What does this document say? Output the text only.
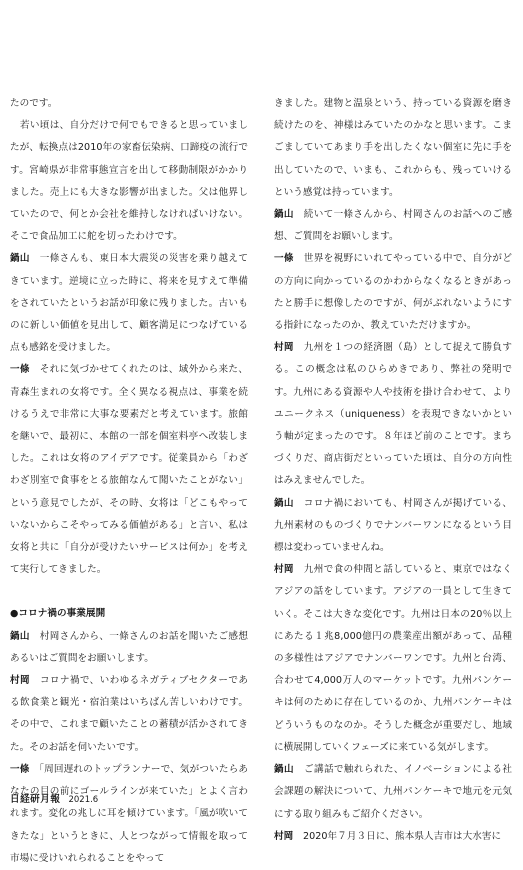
たのです。
　若い頃は、自分だけで何でもできると思っていましたが、転換点は2010年の家畜伝染病、口蹄疫の流行です。宮崎県が非常事態宣言を出して移動制限がかかりました。売上にも大きな影響が出ました。父は他界していたので、何とか会社を維持しなければいけない。そこで食品加工に舵を切ったわけです。
鍋山　一條さんも、東日本大震災の災害を乗り越えてきています。逆境に立った時に、将来を見すえて準備をされていたというお話が印象に残りました。古いものに新しい価値を見出して、顧客満足につなげている点も感銘を受けました。
一條　それに気づかせてくれたのは、域外から来た、青森生まれの女将です。全く異なる視点は、事業を続けるうえで非常に大事な要素だと考えています。旅館を継いで、最初に、本館の一部を個室料亭へ改装しました。これは女将のアイデアです。従業員から「わざわざ別室で食事をとる旅館なんて聞いたことがない」という意見でしたが、その時、女将は「どこもやっていないからこそやってみる価値がある」と言い、私は女将と共に「自分が受けたいサービスは何か」を考えて実行してきました。
●コロナ禍の事業展開
鍋山　村岡さんから、一條さんのお話を聞いたご感想あるいはご質問をお願いします。
村岡　コロナ禍で、いわゆるネガティブセクターである飲食業と観光・宿泊業はいちばん苦しいわけです。その中で、これまで顧いたことの蓄積が活かされてきた。そのお話を伺いたいです。
一條　「周回遅れのトップランナーで、気がついたらあなたの目の前にゴールラインが来ていた」とよく言われます。変化の兆しに耳を傾けています。「風が吹いてきたな」というときに、人とつながって情報を取って市場に受けいれられることをやって
きました。建物と温泉という、持っている資源を磨き続けたのを、神様はみていたのかなと思います。こまごましていてあまり手を出したくない個室に先に手を出していたので、いまも、これからも、残っていけるという感覚は持っています。
鍋山　続いて一條さんから、村岡さんのお話へのご感想、ご質問をお願いします。
一條　世界を視野にいれてやっている中で、自分がどの方向に向かっているのかわからなくなるときがあったと勝手に想像したのですが、何がぶれないようにする指針になったのか、教えていただけますか。
村岡　九州を１つの経済圏（島）として捉えて勝負する。この概念は私のひらめきであり、弊社の発明です。九州にある資源や人や技術を掛け合わせて、よりユニークネス（uniqueness）を表現できないかという軸が定まったのです。８年ほど前のことです。まちづくりだ、商店街だといっていた頃は、自分の方向性はみえませんでした。
鍋山　コロナ禍においても、村岡さんが掲げている、九州素材のものづくりでナンバーワンになるという目標は変わっていませんね。
村岡　九州で食の仲間と話していると、東京ではなくアジアの話をしています。アジアの一員として生きていく。そこは大きな変化です。九州は日本の20％以上にあたる１兆8,000億円の農業産出額があって、品種の多様性はアジアでナンバーワンです。九州と台湾、合わせて4,000万人のマーケットです。九州パンケーキは何のために存在しているのか、九州パンケーキはどういうものなのか。そうした概念が重要だし、地域に横展開していくフェーズに来ている気がします。
鍋山　ご講話で触れられた、イノベーションによる社会課題の解決について、九州パンケーキで地元を元気にする取り組みもご紹介ください。
村岡　2020年７月３日に、熊本県人吉市は大水害に
日経研月報 2021.6
